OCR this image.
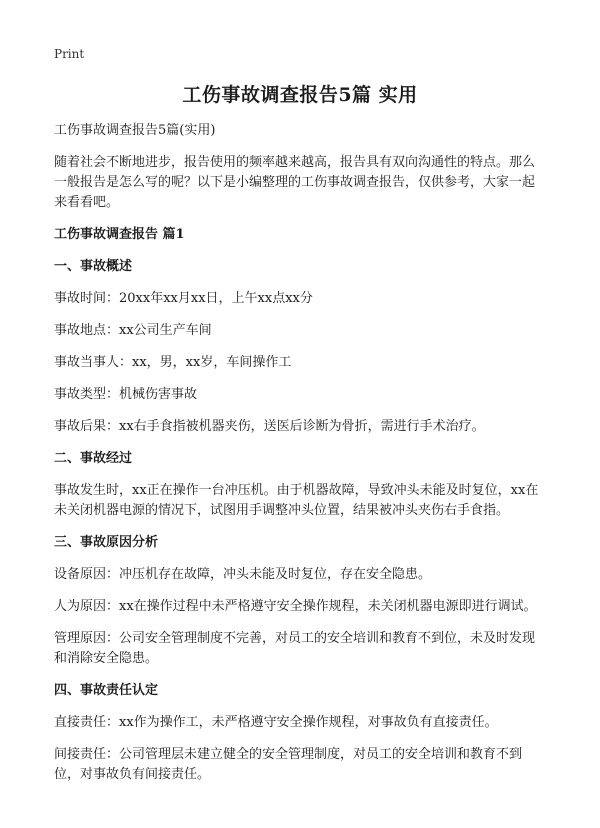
Print
工伤事故调查报告5篇 实用

工伤事故调查报告5篇(实用)

随着社会不断地进步，报告使用的频率越来越高，报告具有双向沟通性的特点。那么一般报告是怎么写的呢？以下是小编整理的工伤事故调查报告，仅供参考，大家一起来看看吧。

工伤事故调查报告 篇1

一、事故概述

事故时间：20xx年xx月xx日，上午xx点xx分

事故地点：xx公司生产车间

事故当事人：xx，男，xx岁，车间操作工

事故类型：机械伤害事故

事故后果：xx右手食指被机器夹伤，送医后诊断为骨折，需进行手术治疗。

二、事故经过

事故发生时，xx正在操作一台冲压机。由于机器故障，导致冲头未能及时复位，xx在未关闭机器电源的情况下，试图用手调整冲头位置，结果被冲头夹伤右手食指。

三、事故原因分析

设备原因：冲压机存在故障，冲头未能及时复位，存在安全隐患。

人为原因：xx在操作过程中未严格遵守安全操作规程，未关闭机器电源即进行调试。

管理原因：公司安全管理制度不完善，对员工的安全培训和教育不到位，未及时发现和消除安全隐患。

四、事故责任认定

直接责任：xx作为操作工，未严格遵守安全操作规程，对事故负有直接责任。

间接责任：公司管理层未建立健全的安全管理制度，对员工的安全培训和教育不到位，对事故负有间接责任。
